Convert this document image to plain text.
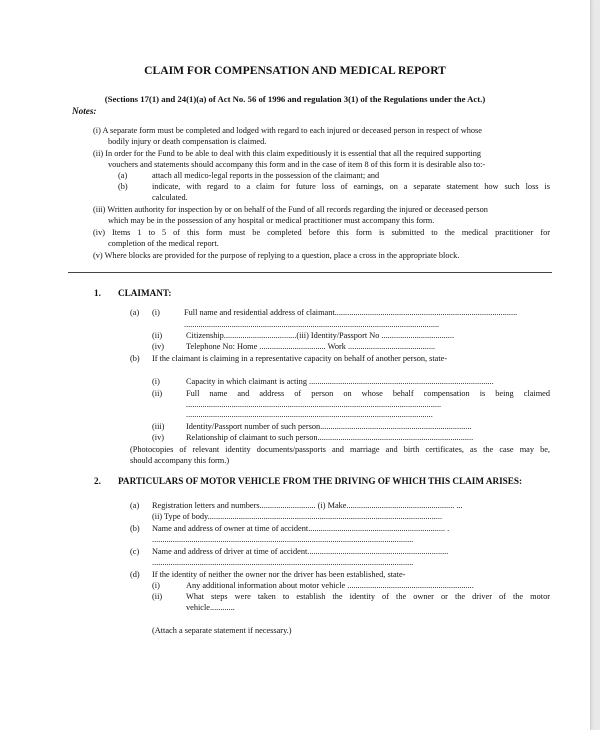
CLAIM FOR COMPENSATION AND MEDICAL REPORT
(Sections 17(1) and 24(1)(a) of Act No. 56 of 1996 and regulation 3(1) of the Regulations under the Act.)
Notes:
(i) A separate form must be completed and lodged with regard to each injured or deceased person in respect of whose
bodily injury or death compensation is claimed.
(ii) In order for the Fund to be able to deal with this claim expeditiously it is essential that all the required supporting
vouchers and statements should accompany this form and in the case of item 8 of this form it is desirable also to:-
(a)	attach all medico-legal reports in the possession of the claimant; and
(b)	indicate, with regard to a claim for future loss of earnings, on a separate statement how such loss is
calculated.
(iii) Written authority for inspection by or on behalf of the Fund of all records regarding the injured or deceased person
which may be in the possession of any hospital or medical practitioner must accompany this form.
(iv) Items 1 to 5 of this form must be completed before this form is submitted to the medical practitioner for
completion of the medical report.
(v) Where blocks are provided for the purpose of replying to a question, place a cross in the appropriate block.
1. CLAIMANT:
(a) (i)	Full name and residential address of claimant........................................................................................
...........................................................................................................................
(ii)	Citizenship...................................(iii) Identity/Passport No ...................................
(iv)	Telephone No: Home ................................ Work ..........................................
(b) If the claimant is claiming in a representative capacity on behalf of another person, state-
(i)	Capacity in which claimant is acting .........................................................................................
(ii)	Full name and address of person on whose behalf compensation is being claimed
...........................................................................................................................
.......................................................................................................................
(iii)	Identity/Passport number of such person.........................................................................
(iv)	Relationship of claimant to such person...........................................................................
(Photocopies of relevant identity documents/passports and marriage and birth certificates, as the case may be,
should accompany this form.)
2. PARTICULARS OF MOTOR VEHICLE FROM THE DRIVING OF WHICH THIS CLAIM ARISES:
(a) Registration letters and numbers........................... (i) Make.................................................... ...
(ii) Type of body.................................................................................................................
(b) Name and address of owner at time of accident.................................................................. .
..............................................................................................................................
(c) Name and address of driver at time of accident....................................................................
..............................................................................................................................
(d) If the identity of neither the owner nor the driver has been established, state-
(i)	Any additional information about motor vehicle .............................................................
(ii)	What steps were taken to establish the identity of the owner or the driver of the motor
vehicle............
(Attach a separate statement if necessary.)
